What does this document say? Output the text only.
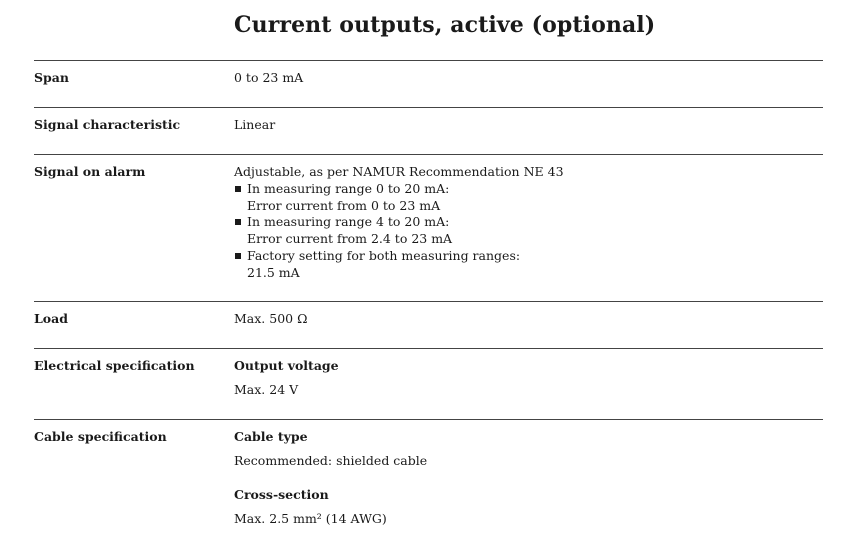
Current outputs, active (optional)
Span	0 to 23 mA
Signal characteristic	Linear
Signal on alarm	Adjustable, as per NAMUR Recommendation NE 43
In measuring range 0 to 20 mA:
Error current from 0 to 23 mA
In measuring range 4 to 20 mA:
Error current from 2.4 to 23 mA
Factory setting for both measuring ranges:
21.5 mA
Load	Max. 500 Ω
Electrical specification	Output voltage
Max. 24 V
Cable specification	Cable type
Recommended: shielded cable
Cross-section
Max. 2.5 mm² (14 AWG)
